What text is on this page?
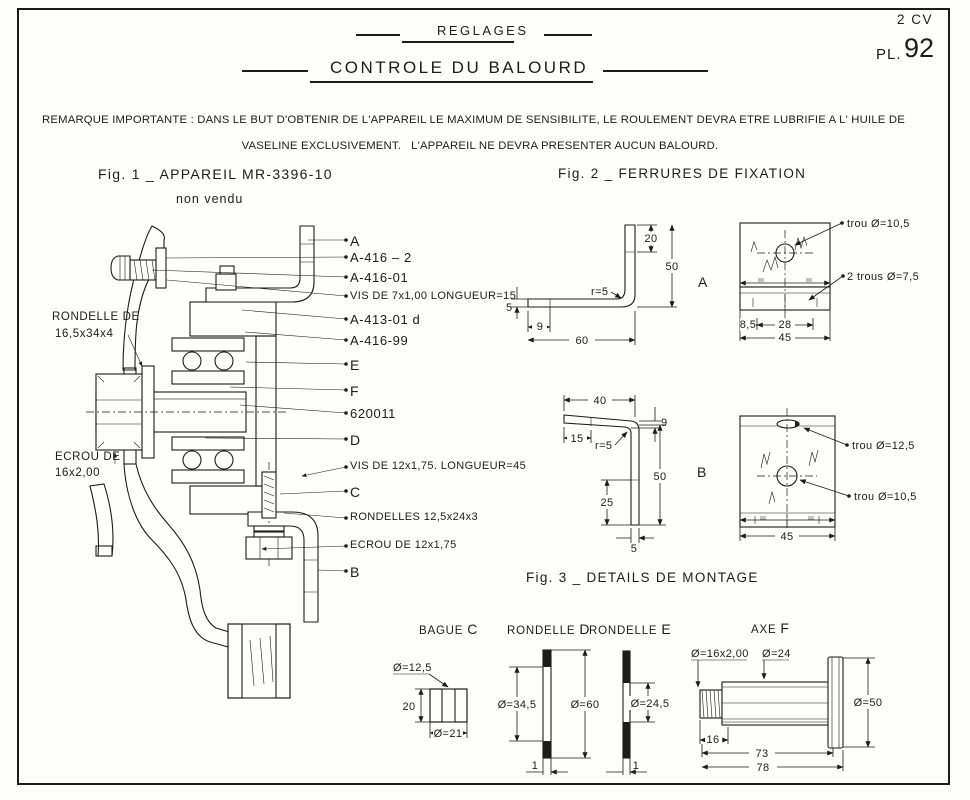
REGLAGES
2 CV
PL. 92
CONTROLE DU BALOURD
REMARQUE IMPORTANTE : DANS LE BUT D'OBTENIR DE L'APPAREIL LE MAXIMUM DE SENSIBILITE, LE ROULEMENT DEVRA ETRE LUBRIFIE A L' HUILE DE
VASELINE EXCLUSIVEMENT.   L'APPAREIL NE DEVRA PRESENTER AUCUN BALOURD.
Fig. 1 _ APPAREIL MR-3396-10
non vendu
Fig. 2 _ FERRURES DE FIXATION
Fig. 3 _ DETAILS DE MONTAGE
A
A-416 – 2
A-416-01
VIS DE 7x1,00 LONGUEUR=15
A-413-01 d
A-416-99
E
F
620011
D
VIS DE 12x1,75. LONGUEUR=45
C
RONDELLES 12,5x24x3
ECROU DE 12x1,75
B
RONDELLE DE
16,5x34x4
ECROU DE
16x2,00
20
50
r=5
5
9
60
A
8,5 28
45
trou Ø=10,5
2 trous Ø=7,5
40
15
r=5
9
50
25
5
B
45
trou Ø=12,5
trou Ø=10,5
BAGUE C	RONDELLE D
RONDELLE E	AXE F
Ø=12,5
20
Ø=21
Ø=34,5	Ø=60
1
Ø=24,5
1
Ø=16x2,00 Ø=24
Ø=50
16
73
78
